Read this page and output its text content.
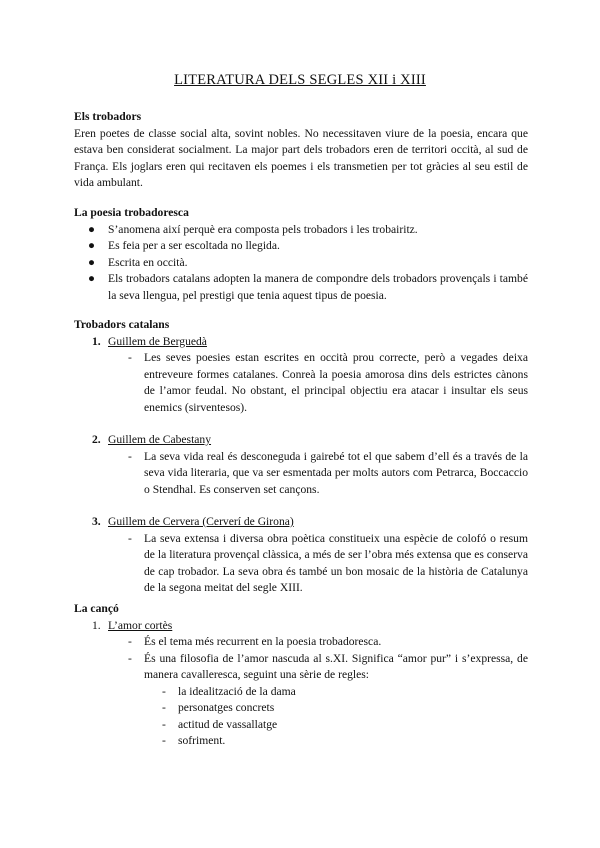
LITERATURA DELS SEGLES XII i XIII
Els trobadors
Eren poetes de classe social alta, sovint nobles. No necessitaven viure de la poesia, encara que estava ben considerat socialment. La major part dels trobadors eren de territori occità, al sud de França. Els joglars eren qui recitaven els poemes i els transmetien per tot gràcies al seu estil de vida ambulant.
La poesia trobadoresca
● S’anomena així perquè era composta pels trobadors i les trobairitz.
● Es feia per a ser escoltada no llegida.
● Escrita en occità.
● Els trobadors catalans adopten la manera de compondre dels trobadors provençals i també la seva llengua, pel prestigi que tenia aquest tipus de poesia.
Trobadors catalans
1. Guillem de Berguedà
- Les seves poesies estan escrites en occità prou correcte, però a vegades deixa entreveure formes catalanes. Conreà la poesia amorosa dins dels estrictes cànons de l’amor feudal. No obstant, el principal objectiu era atacar i insultar els seus enemics (sirventesos).
2. Guillem de Cabestany
- La seva vida real és desconeguda i gairebé tot el que sabem d’ell és a través de la seva vida literaria, que va ser esmentada per molts autors com Petrarca, Boccaccio o Stendhal. Es conserven set cançons.
3. Guillem de Cervera (Cerverí de Girona)
- La seva extensa i diversa obra poètica constitueix una espècie de colofó o resum de la literatura provençal clàssica, a més de ser l’obra més extensa que es conserva de cap trobador. La seva obra és també un bon mosaic de la història de Catalunya de la segona meitat del segle XIII.
La cançó
1. L’amor cortès
- És el tema més recurrent en la poesia trobadoresca.
- És una filosofia de l’amor nascuda al s.XI. Significa “amor pur” i s’expressa, de manera cavalleresca, seguint una sèrie de regles:
- la idealització de la dama
- personatges concrets
- actitud de vassallatge
- sofriment.
